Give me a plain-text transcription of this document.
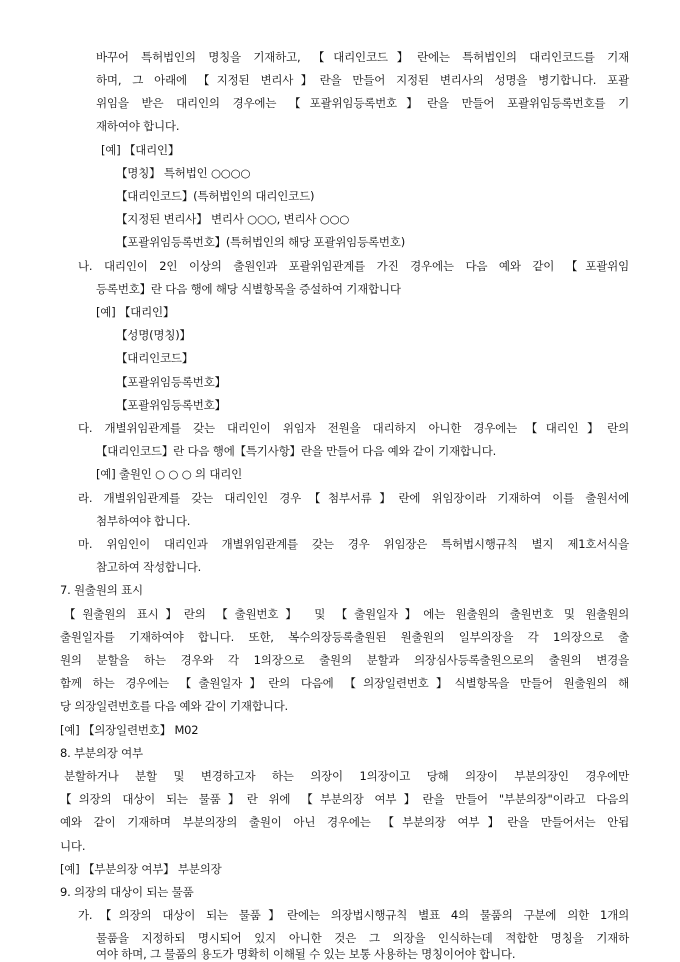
바꾸어 특허법인의 명칭을 기재하고, 【대리인코드】란에는 특허법인의 대리인코드를 기재

하며, 그 아래에 【지정된 변리사】란을 만들어 지정된 변리사의 성명을 병기합니다. 포괄

위임을 받은 대리인의 경우에는 【포괄위임등록번호】란을 만들어 포괄위임등록번호를 기

재하여야 합니다.

[예] 【대리인】

【명칭】 특허법인 ○○○○

【대리인코드】(특허법인의 대리인코드)

【지정된 변리사】 변리사 ○○○, 변리사 ○○○

【포괄위임등록번호】(특허법인의 해당 포괄위임등록번호)

나. 대리인이 2인 이상의 출원인과 포괄위임관계를 가진 경우에는 다음 예와 같이 【포괄위임

등록번호】란 다음 행에 해당 식별항목을 증설하여 기재합니다

[예] 【대리인】

【성명(명칭)】

【대리인코드】

【포괄위임등록번호】

【포괄위임등록번호】

다. 개별위임관계를 갖는 대리인이 위임자 전원을 대리하지 아니한 경우에는【대리인】란의

【대리인코드】란 다음 행에【특기사항】란을 만들어 다음 예와 같이 기재합니다.

[예] 출원인 ○ ○ ○ 의 대리인

라. 개별위임관계를 갖는 대리인인 경우【첨부서류】란에 위임장이라 기재하여 이를 출원서에

첨부하여야 합니다.

마. 위임인이 대리인과 개별위임관계를 갖는 경우 위임장은 특허법시행규칙 별지 제1호서식을

참고하여 작성합니다.

7. 원출원의 표시

【원출원의 표시】란의 【출원번호】 및 【출원일자】에는 원출원의 출원번호 및 원출원의

출원일자를 기재하여야 합니다. 또한, 복수의장등록출원된 원출원의 일부의장을 각 1의장으로 출

원의 분할을 하는 경우와 각 1의장으로 출원의 분할과 의장심사등록출원으로의 출원의 변경을

함께 하는 경우에는 【출원일자】란의 다음에 【의장일련번호】식별항목을 만들어 원출원의 해

당 의장일련번호를 다음 예와 같이 기재합니다.

[예] 【의장일련번호】 M02

8. 부분의장 여부

분할하거나 분할 및 변경하고자 하는 의장이 1의장이고 당해 의장이 부분의장인 경우에만

【의장의 대상이 되는 물품】란 위에 【부분의장 여부】란을 만들어 "부분의장"이라고 다음의

예와 같이 기재하며 부분의장의 출원이 아닌 경우에는 【부분의장 여부】란을 만들어서는 안됩

니다.

[예] 【부분의장 여부】 부분의장

9. 의장의 대상이 되는 물품

가.【의장의 대상이 되는 물품】란에는 의장법시행규칙 별표 4의 물품의 구분에 의한 1개의

물품을 지정하되 명시되어 있지 아니한 것은 그 의장을 인식하는데 적합한 명칭을 기재하

여야 하며, 그 물품의 용도가 명확히 이해될 수 있는 보통 사용하는 명칭이어야 합니다.
